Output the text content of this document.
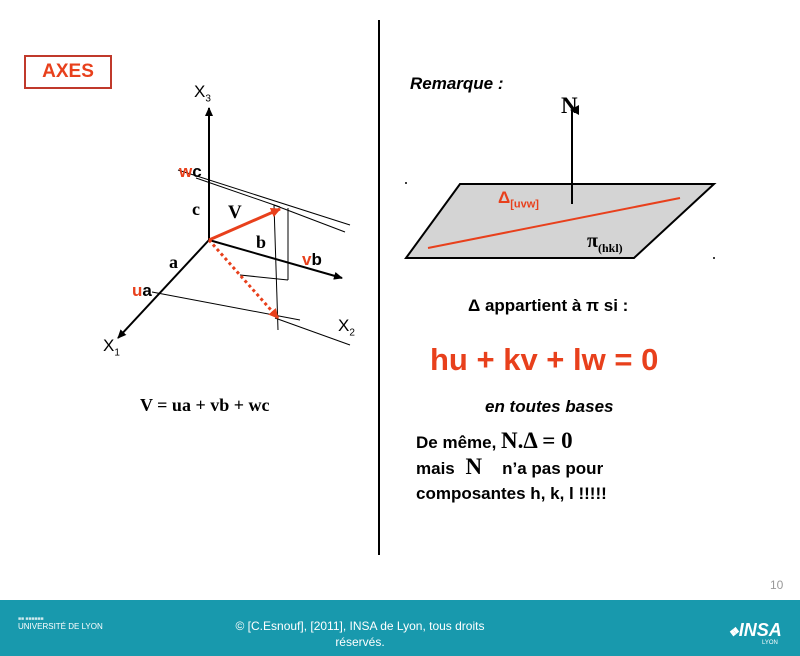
AXES
$X_3$
$X_2$
$X_1$
wc
vb
ua
c
b
a
V
V = ua + vb + wc
Remarque :
N
$\Delta_{[uvw]}$
$\pi_{(hkl)}$
Δ appartient à π si :
hu + kv + lw = 0
en toutes bases
De même, N.Δ = 0
mais N n’a pas pour
composantes h, k, l !!!!!
10
■■ ■■■■■■
UNIVERSITÉ DE LYON	© [C.Esnouf], [2011], INSA de Lyon, tous droits
réservés.
❖INSA
LYON
